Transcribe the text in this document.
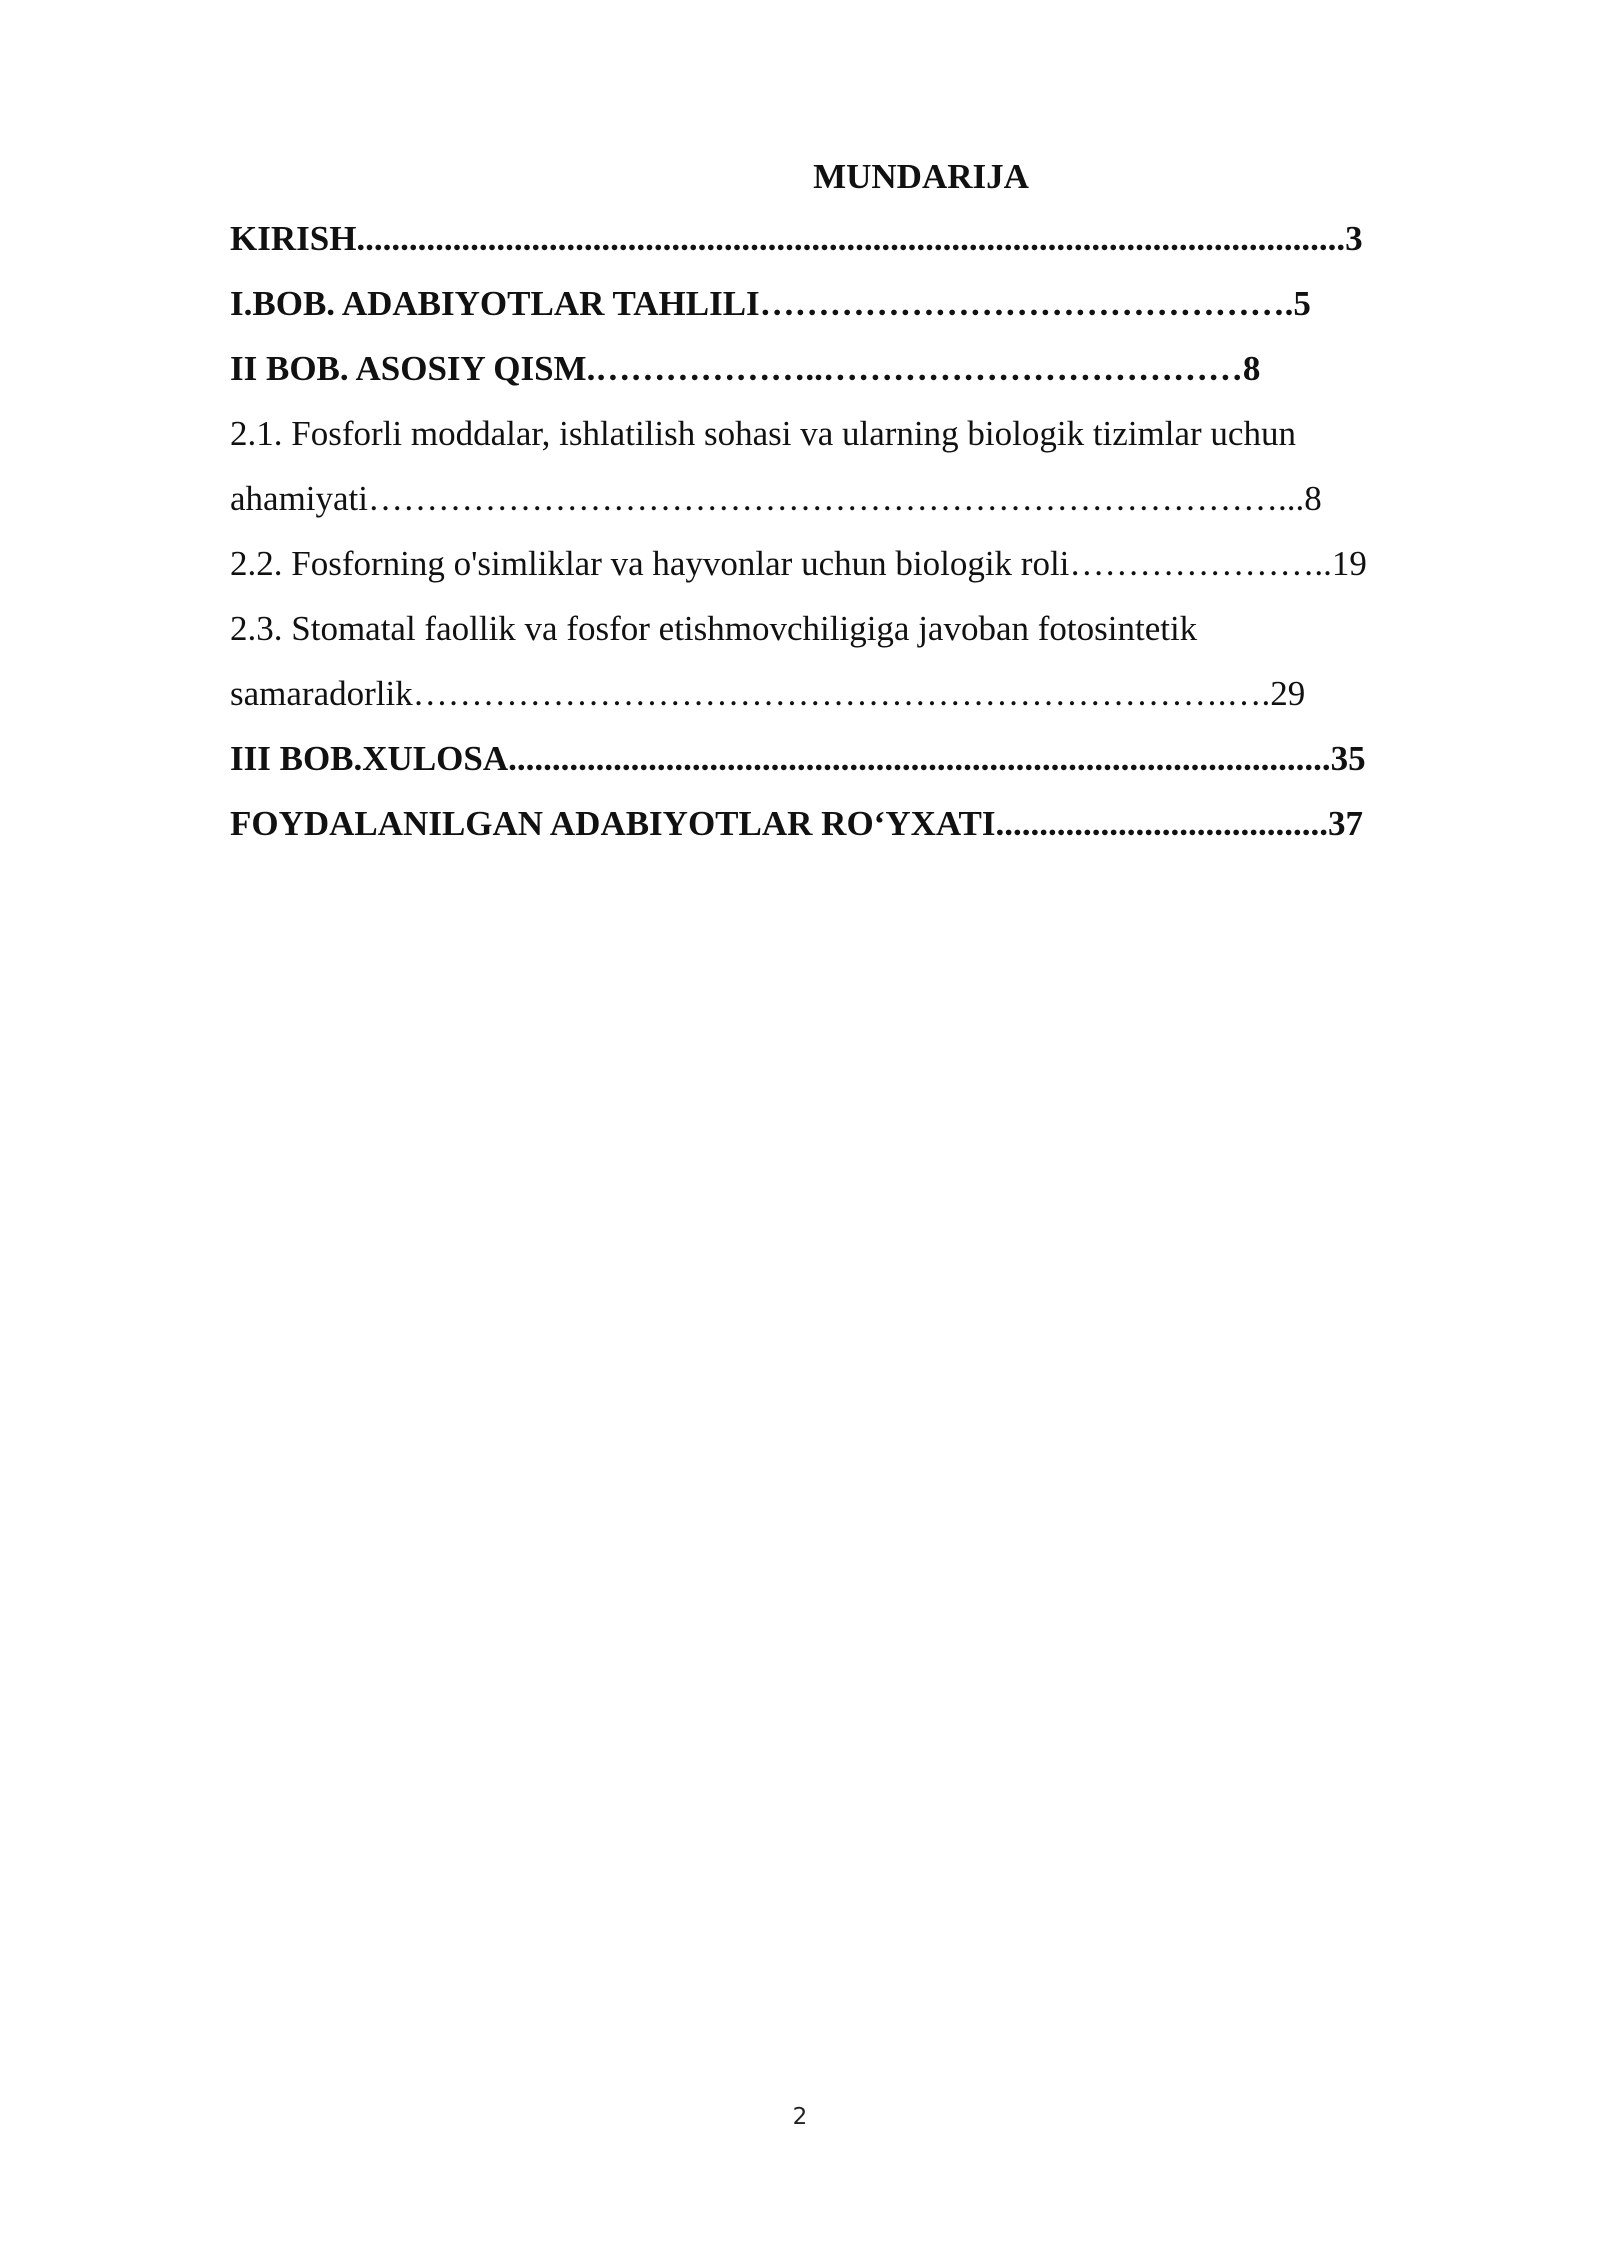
MUNDARIJA
KIRISH.................................................................................................................3
I.BOB. ADABIYOTLAR TAHLILI……………………………………….5
II BOB. ASOSIY QISM.………………..………………………………8
2.1. Fosforli moddalar, ishlatilish sohasi va ularning biologik tizimlar uchun
ahamiyati……………………………………………………………………...8
2.2. Fosforning o'simliklar va hayvonlar uchun biologik roli…………………..19
2.3. Stomatal faollik va fosfor etishmovchiligiga javoban fotosintetik
samaradorlik…………………………………………………………….….29
III BOB.XULOSA..............................................................................................35
FOYDALANILGAN ADABIYOTLAR RO‘YXATI......................................37
2
